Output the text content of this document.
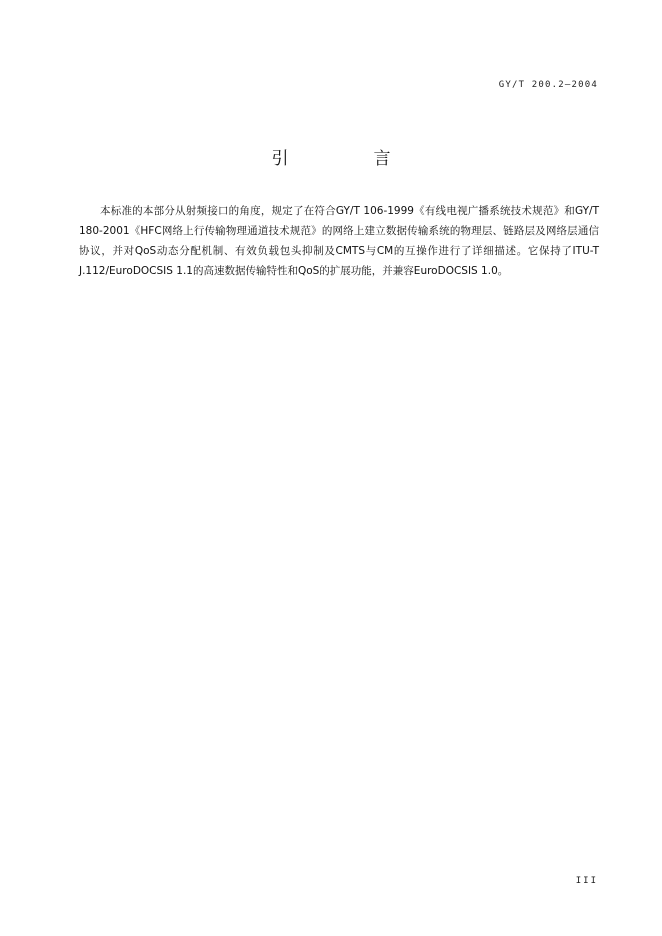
GY/T 200.2—2004
引　言

本标准的本部分从射频接口的角度，规定了在符合GY/T 106-1999《有线电视广播系统技术规范》和GY/T 180-2001《HFC网络上行传输物理通道技术规范》的网络上建立数据传输系统的物理层、链路层及网络层通信协议，并对QoS动态分配机制、有效负载包头抑制及CMTS与CM的互操作进行了详细描述。它保持了ITU-T J.112/EuroDOCSIS 1.1的高速数据传输特性和QoS的扩展功能，并兼容EuroDOCSIS 1.0。

III
